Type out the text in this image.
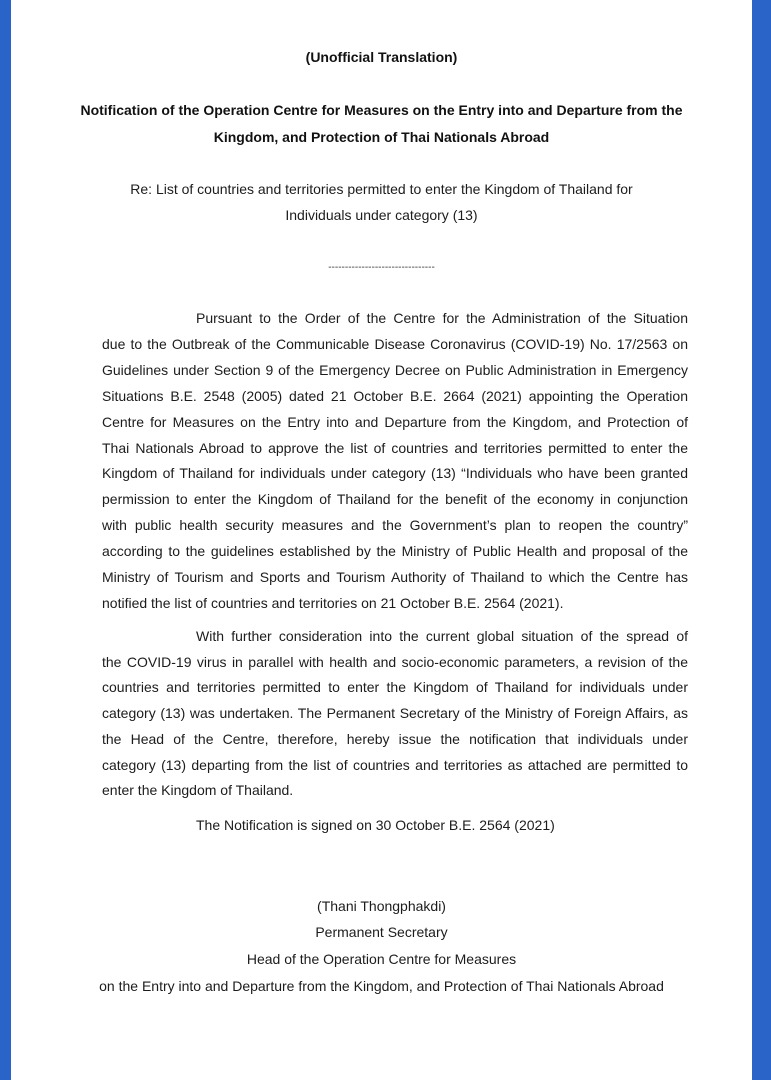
(Unofficial Translation)
Notification of the Operation Centre for Measures on the Entry into and Departure from the
Kingdom, and Protection of Thai Nationals Abroad
Re: List of countries and territories permitted to enter the Kingdom of Thailand for
Individuals under category (13)
--------------------------------
Pursuant to the Order of the Centre for the Administration of the Situation
due to the Outbreak of the Communicable Disease Coronavirus (COVID-19) No. 17/2563 on
Guidelines under Section 9 of the Emergency Decree on Public Administration in Emergency
Situations B.E. 2548 (2005) dated 21 October B.E. 2664 (2021) appointing the Operation
Centre for Measures on the Entry into and Departure from the Kingdom, and Protection of
Thai Nationals Abroad to approve the list of countries and territories permitted to enter the
Kingdom of Thailand for individuals under category (13) “Individuals who have been granted
permission to enter the Kingdom of Thailand for the benefit of the economy in conjunction
with public health security measures and the Government’s plan to reopen the country”
according to the guidelines established by the Ministry of Public Health and proposal of the
Ministry of Tourism and Sports and Tourism Authority of Thailand to which the Centre has
notified the list of countries and territories on 21 October B.E. 2564 (2021).
With further consideration into the current global situation of the spread of
the COVID-19 virus in parallel with health and socio-economic parameters, a revision of the
countries and territories permitted to enter the Kingdom of Thailand for individuals under
category (13) was undertaken. The Permanent Secretary of the Ministry of Foreign Affairs, as
the Head of the Centre, therefore, hereby issue the notification that individuals under
category (13) departing from the list of countries and territories as attached are permitted to
enter the Kingdom of Thailand.
The Notification is signed on 30 October B.E. 2564 (2021)
(Thani Thongphakdi)
Permanent Secretary
Head of the Operation Centre for Measures
on the Entry into and Departure from the Kingdom, and Protection of Thai Nationals Abroad
